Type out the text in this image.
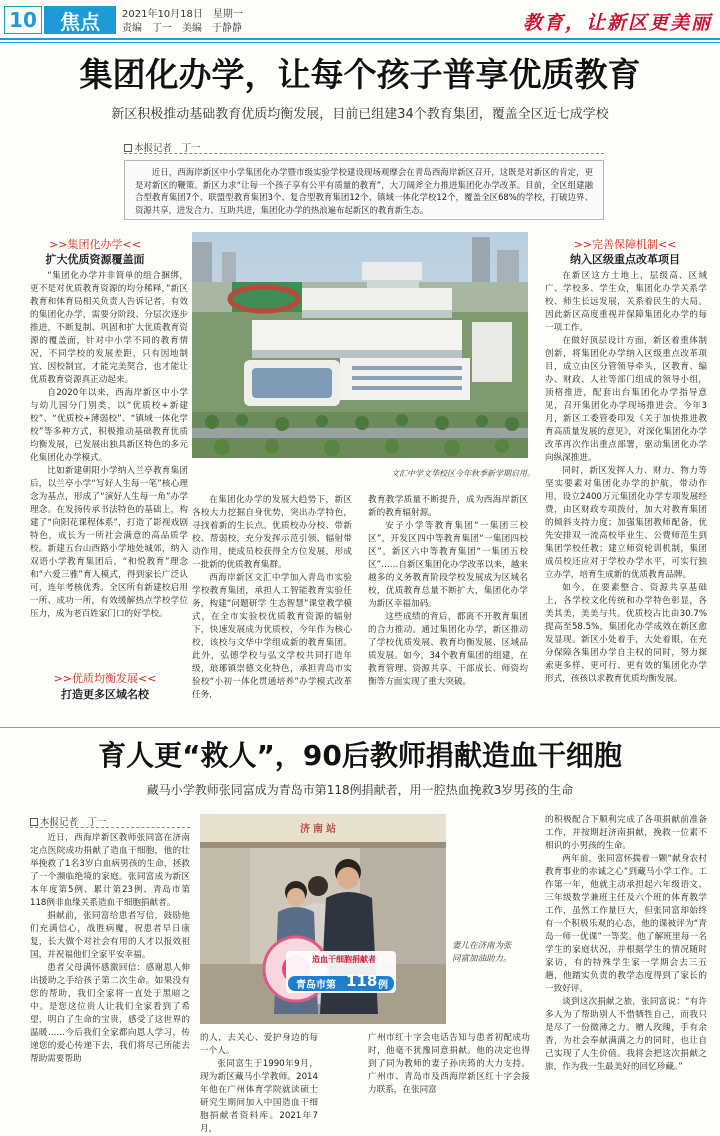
10	焦点	2021年10月18日　星期一
责编　丁一　美编　于静静	教育，让新区更美丽
集团化办学，让每个孩子普享优质教育
新区积极推动基础教育优质均衡发展，目前已组建34个教育集团，覆盖全区近七成学校
本报记者　丁一
近日，西海岸新区中小学集团化办学暨市级实验学校建设现场观摩会在青岛西海岸新区召开，这既是对新区的肯定，更是对新区的鞭策。新区力求“让每一个孩子享有公平有质量的教育”，大刀阔斧全力推进集团化办学改革。目前，全区组建融合型教育集团7个、联盟型教育集团3个、复合型教育集团12个、镇域一体化学校12个，覆盖全区68%的学校，打破边界、资源共享，进发合力、互助共进，集团化办学的热浪遍布起新区的教育新生态。
>>集团化办学<<
扩大优质资源覆盖面

“集团化办学并非简单的组合捆绑，更不是对优质教育资源的均分稀释，”新区教育和体育局相关负责人告诉记者，有效的集团化办学，需要分阶段、分层次逐步推进，不断复制、巩固和扩大优质教育资源的覆盖面，针对中小学不同的教育情况，不同学校的发展差距，只有因地制宜、因校制宜，才能完美契合，也才能让优质教育资源真正动起来。

自2020年以来，西海岸新区中小学与幼儿园分门别类，以“优质校+新建校”、“优质校+薄弱校”、“镇域一体化学校”等多种方式，积极推动基础教育优质均衡发展，已发展出独具新区特色的多元化集团化办学模式。

比如新建朝阳小学纳入兰亭教育集团后，以兰亭小学“写好人生每一笔”核心理念为基点，形成了“演好人生每一角”办学理念。在发扬传承书法特色的基础上，构建了“向阳花课程体系”，打造了影视戏剧特色，成长为一所社会满意的高品质学校。新建五台山西路小学地处城郊，纳入双语小学教育集团后，“和悦教育”理念和“六爱三雅”育人模式，得到家长广泛认可，连年考核优秀。全区所有新建校启用一所、成功一所，有效缓解热点学校学位压力，成为老百姓家门口的好学校。

>>优质均衡发展<<
打造更多区域名校
文汇中学文华校区今年秋季新学期启用。

在集团化办学的发展大趋势下，新区各校大力挖掘自身优势，突出办学特色，寻找着新的生长点。优质校办分校、带新校、帮弱校，充分发挥示范引领、辐射带动作用，使成员校获得全方位发展，形成一批新的优质教育集群。

西海岸新区文汇中学加入青岛市实验学校教育集团，承担人工智能教育实验任务，构建“问题研学 生态智慧”课堂教学模式，在全市实验校优质教育资源的辐射下，快速发展成为优质校，今年作为核心校，该校与文华中学组成新的教育集团。此外，弘德学校与弘文学校共同打造年级，琅琊镇崇德文化特色，承担青岛市实验校“小初一体化贯通培养”办学模式改革任务，

教育教学质量不断提升，成为西海岸新区新的教育辐射源。

安子小学等教育集团“一集团三校区”，开发区四中等教育集团“一集团四校区”，新区六中等教育集团“一集团五校区”……自新区集团化办学改革以来，越来越多的义务教育阶段学校发展成为区域名校，优质教育总量不断扩大，集团化办学为新区幸福加码。

这些成绩的背后，都离不开教育集团的合力推动。通过集团化办学，新区推动了学校优质发展、教育均衡发展、区域品质发展。如今，34个教育集团的组建，在教育管理、资源共享、干部成长、师资均衡等方面实现了重大突破。

>>完善保障机制<<
纳入区级重点改革项目

在新区这方土地上，层级高、区域广、学校多、学生众，集团化办学关系学校、师生长远发展，关系着民生的大局。因此新区高度重视并保障集团化办学的每一项工作。

在做好顶层设计方面，新区着重体制创新，将集团化办学纳入区级重点改革项目，成立由区分管领导牵头，区教育、编办、财政、人社等部门组成的领导小组，顶格推进，配套出台集团化办学指导意见，召开集团化办学现场推进会。今年3月，新区工委管委印发《关于加快推进教育高质量发展的意见》，对深化集团化办学改革再次作出重点部署，驱动集团化办学向纵深推进。

同时，新区发挥人力、财力、物力等坚实要素对集团化办学的护航，带动作用，设立2400万元集团化办学专项发展经费，由区财政专项拨付，加大对教育集团的倾斜支持力度；加强集团教师配备，优先安排双一流高校毕业生、公费师范生到集团学校任教；建立师资轮训机制，集团成员校还应对于学校办学水平，可实行独立办学，培育生成新的优质教育品牌。

如今，在要素整合、资源共享基础上，各学校文化传统和办学特色彰显，各美其美，美美与共。优质校占比由30.7%提高至58.5%，集团化办学成效在新区愈发显现。新区小处着手，大处着眼，在充分保障各集团办学自主权的同时，努力探索更多样、更可行、更有效的集团化办学形式，孩孩以求教育优质均衡发展。

育人更“救人”，90后教师捐献造血干细胞
藏马小学教师张同富成为青岛市第118例捐献者，用一腔热血挽救3岁男孩的生命
本报记者　丁一

近日，西海岸新区教师张同富在济南定点医院成功捐献了造血干细胞，他的壮举挽救了1名3岁白血病男孩的生命，拯救了一个濒临绝境的家庭。张同富成为新区本年度第5例、累计第23例、青岛市第118例非血缘关系造血干细胞捐献者。

捐献前，张同富给患者写信，鼓励他们充满信心，战胜病魔，祝患者早日康复，长大做个对社会有用的人才以报效祖国，并祝福他们全家平安幸福。

患者父母满怀感激回信：感谢恩人伸出援助之手给孩子第二次生命。如果没有您的帮助，我们全家将一直处于黑暗之中。是您这位贵人让我们全家看到了希望，明白了生命的宝贵，感受了这世界的温暖……今后我们全家都向恩人学习，传递您的爱心传递下去，我们将尽己所能去帮助需要帮助

济南站
造血干细胞捐献者
青岛市第 118 例
妻儿在济南为张同富加油助力。

的人，去关心、爱护身边的每一个人。

张同富生于1990年9月，现为新区藏马小学教师。2014年他在广州体育学院就读硕士研究生期间加入中国造血干细胞捐献者资料库。2021年7月，

广州市红十字会电话告知与患者初配成功时，他毫不犹豫同意捐献。他的决定也得到了同为教师的妻子孙庆筠的大力支持。广州市、青岛市及西海岸新区红十字会接力联系，在张同富

的积极配合下顺利完成了各项捐献前准备工作，并按期赶济南捐献，挽救一位素不相识的小男孩的生命。

两年前，张同富怀揣着一颗“献身农村教育事业的赤诚之心”到藏马小学工作。工作第一年，他就主动承担起六年级语文、三年级数学兼班主任及六个班的体育教学工作，虽然工作量巨大，但张同富却始终有一个积极乐观的心态，他的课被评为“青岛一师一优课”一等奖。他了解班里每一名学生的家庭状况，并根据学生的情况随时家访，有的特殊学生家一学期会去三五趟，他踏实负责的教学态度得到了家长的一致好评。

谈到这次捐献之旅，张同富说：“有许多人为了帮助别人不惜牺牲自己，而我只是尽了一份微薄之力。赠人玫瑰，手有余香，为社会奉献满满之力的同时，也让自己实现了人生价值。我将会把这次捐献之旅，作为我一生最美好的回忆珍藏。”
